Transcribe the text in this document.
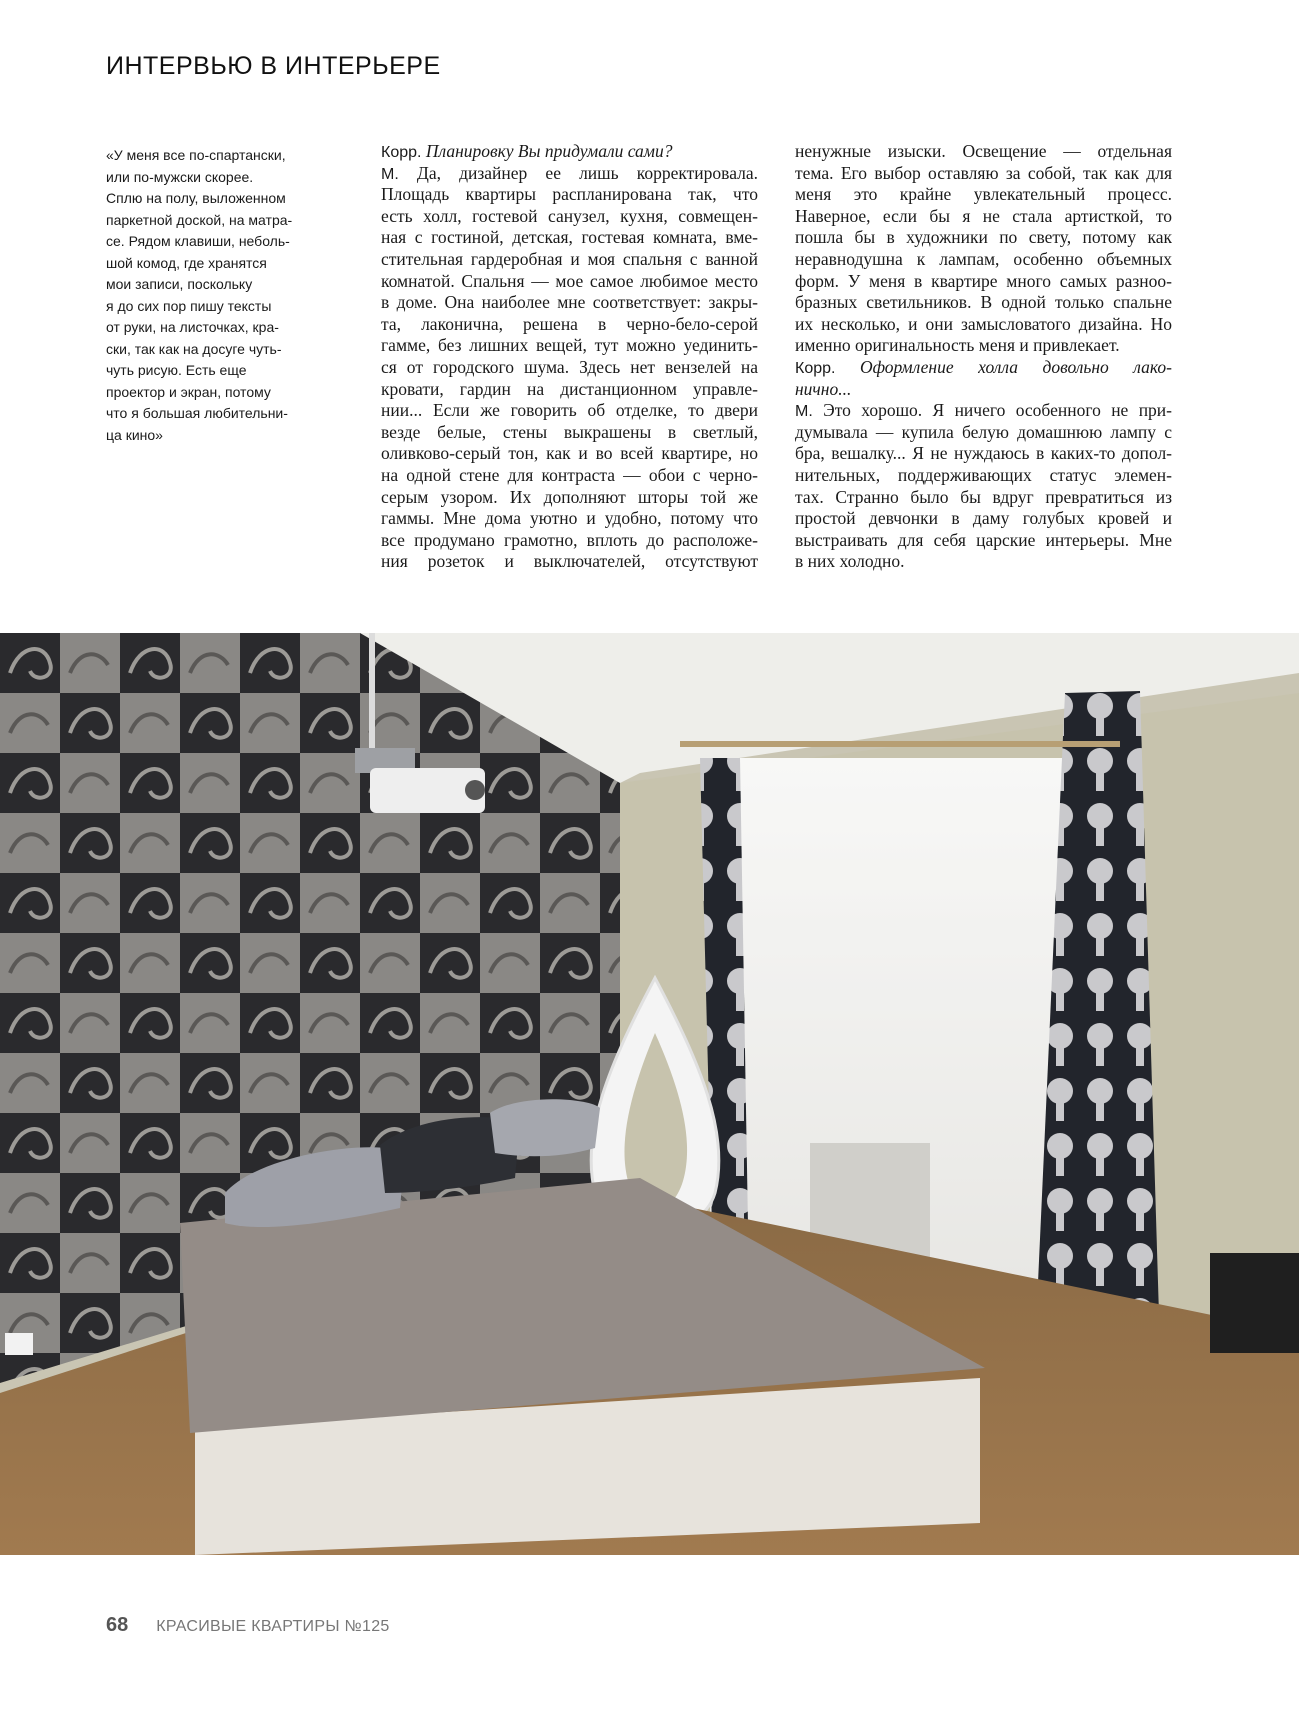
ИНТЕРВЬЮ В ИНТЕРЬЕРЕ
«У меня все по-спартански,
или по-мужски скорее.
Сплю на полу, выложенном
паркетной доской, на матра-
се. Рядом клавиши, неболь-
шой комод, где хранятся
мои записи, поскольку
я до сих пор пишу тексты
от руки, на листочках, кра-
ски, так как на досуге чуть-
чуть рисую. Есть еще
проектор и экран, потому
что я большая любительни-
ца кино»
Корр. Планировку Вы придумали сами?
М. Да, дизайнер ее лишь корректировала.
Площадь квартиры распланирована так, что
есть холл, гостевой санузел, кухня, совмещен-
ная с гостиной, детская, гостевая комната, вме-
стительная гардеробная и моя спальня с ванной
комнатой. Спальня — мое самое любимое место
в доме. Она наиболее мне соответствует: закры-
та, лаконична, решена в черно-бело-серой
гамме, без лишних вещей, тут можно уединить-
ся от городского шума. Здесь нет вензелей на
кровати, гардин на дистанционном управле-
нии... Если же говорить об отделке, то двери
везде белые, стены выкрашены в светлый,
оливково-серый тон, как и во всей квартире, но
на одной стене для контраста — обои с черно-
серым узором. Их дополняют шторы той же
гаммы. Мне дома уютно и удобно, потому что
все продумано грамотно, вплоть до расположе-
ния розеток и выключателей, отсутствуют
ненужные изыски. Освещение — отдельная
тема. Его выбор оставляю за собой, так как для
меня это крайне увлекательный процесс.
Наверное, если бы я не стала артисткой, то
пошла бы в художники по свету, потому как
неравнодушна к лампам, особенно объемных
форм. У меня в квартире много самых разноо-
бразных светильников. В одной только спальне
их несколько, и они замысловатого дизайна. Но
именно оригинальность меня и привлекает.
Корр. Оформление холла довольно лако-
нично...
М. Это хорошо. Я ничего особенного не при-
думывала — купила белую домашнюю лампу с
бра, вешалку... Я не нуждаюсь в каких-то допол-
нительных, поддерживающих статус элемен-
тах. Странно было бы вдруг превратиться из
простой девчонки в даму голубых кровей и
выстраивать для себя царские интерьеры. Мне
в них холодно.
68 КРАСИВЫЕ КВАРТИРЫ №125
